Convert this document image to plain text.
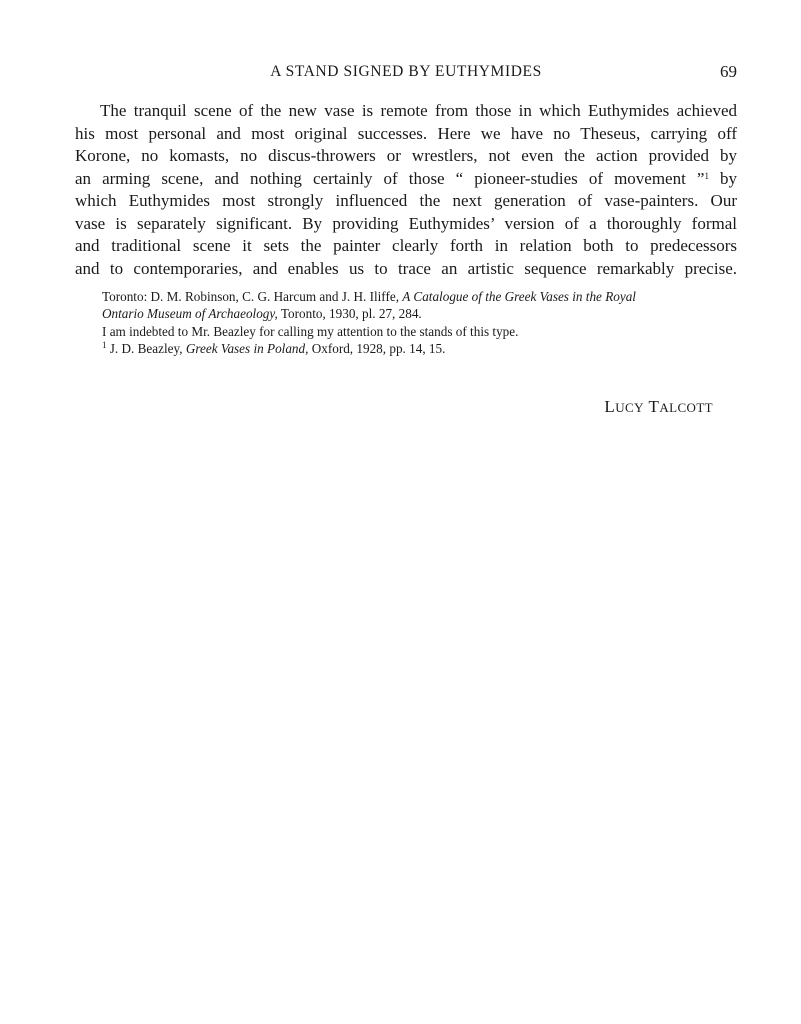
A STAND SIGNED BY EUTHYMIDES	69
The tranquil scene of the new vase is remote from those in which Euthymides achieved
his most personal and most original successes. Here we have no Theseus, carrying off
Korone, no komasts, no discus-throwers or wrestlers, not even the action provided by
an arming scene, and nothing certainly of those “ pioneer-studies of movement ”$^1$ by
which Euthymides most strongly influenced the next generation of vase-painters. Our
vase is separately significant. By providing Euthymides’ version of a thoroughly formal
and traditional scene it sets the painter clearly forth in relation both to predecessors
and to contemporaries, and enables us to trace an artistic sequence remarkably precise.
Toronto: D. M. Robinson, C. G. Harcum and J. H. Iliffe, A Catalogue of the Greek Vases in the Royal
Ontario Museum of Archaeology, Toronto, 1930, pl. 27, 284.
I am indebted to Mr. Beazley for calling my attention to the stands of this type.
$^1$ J. D. Beazley, Greek Vases in Poland, Oxford, 1928, pp. 14, 15.
LUCY TALCOTT
